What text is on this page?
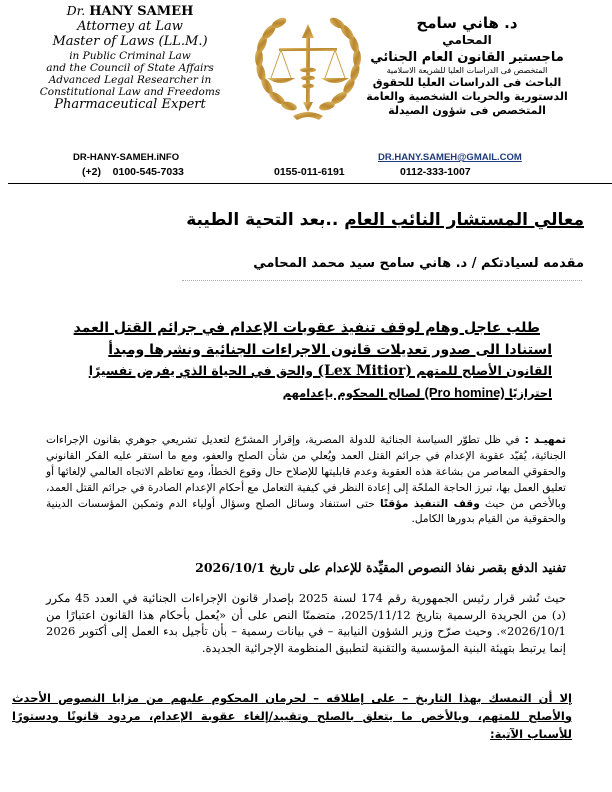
Dr. HANY SAMEH
Attorney at Law
Master of Laws (LL.M.)
in Public Criminal Law
and the Council of State Affairs
Advanced Legal Researcher in
Constitutional Law and Freedoms
Pharmaceutical Expert
DR-HANY-SAMEH.iNFO
(+2) 0100-545-7033	0155-011-6191	0112-333-1007
د. هاني سامح
المحامي
ماجستير القانون العام الجنائي
المتخصص فى الدراسات العليا للشريعة الاسلامية
الباحث فى الدراسات العليا للحقوق
الدستورية والحريات الشخصية والعامة
المتخصص فى شؤون الصيدلة
DR.HANY.SAMEH@GMAIL.COM
معالي المستشار النائب العام ..بعد التحية الطيبة
مقدمه لسيادتكم / د. هاني سامح سيد محمد المحامي
طلب عاجل وهام لوقف تنفيذ عقوبات الإعدام في جرائم القتل العمد
استنادا الى صدور تعديلات قانون الاجراءات الجنائية ونشرها ومبدأ
القانون الأصلح للمتهم (Lex Mitior) والحق في الحياة الذي يفرض تفسيرًا
احترازيًا (Pro homine) لصالح المحكوم بإعدامهم
تمهيـد : في ظل تطوّر السياسة الجنائية للدولة المصرية، وإقرار المشرّع لتعديل تشريعي جوهري بقانون الإجراءات الجنائية، يُقيّد عقوبة الإعدام في جرائم القتل العمد ويُعلي من شأن الصلح والعفو، ومع ما استقر عليه الفكر القانوني والحقوقي المعاصر من بشاعة هذه العقوبة وعدم قابليتها للإصلاح حال وقوع الخطأ، ومع تعاظم الاتجاه العالمي لإلغائها أو تعليق العمل بها، تبرز الحاجة الملحّة إلى إعادة النظر في كيفية التعامل مع أحكام الإعدام الصادرة في جرائم القتل العمد، وبالأخص من حيث وقف التنفيذ مؤقتًا حتى استنفاد وسائل الصلح وسؤال أولياء الدم وتمكين المؤسسات الدينية والحقوقية من القيام بدورها الكامل.
تفنيد الدفع بقصر نفاذ النصوص المقيِّدة للإعدام على تاريخ 2026/10/1
حيث نُشر قرار رئيس الجمهورية رقم 174 لسنة 2025 بإصدار قانون الإجراءات الجنائية في العدد 45 مكرر (د) من الجريدة الرسمية بتاريخ 2025/11/12، متضمنًا النص على أن «يُعمل بأحكام هذا القانون اعتبارًا من 2026/10/1». وحيث صرّح وزير الشؤون النيابية – في بيانات رسمية – بأن تأجيل بدء العمل إلى أكتوبر 2026 إنما يرتبط بتهيئة البنية المؤسسية والتقنية لتطبيق المنظومة الإجرائية الجديدة.
إلا أن التمسك بهذا التاريخ – على إطلاقه – لحرمان المحكوم عليهم من مزايا النصوص الأحدث والأصلح للمتهم، وبالأخص ما يتعلق بالصلح وتقييد/إلغاء عقوبة الإعدام، مردود قانونًا ودستورًا للأسباب الآتية:
